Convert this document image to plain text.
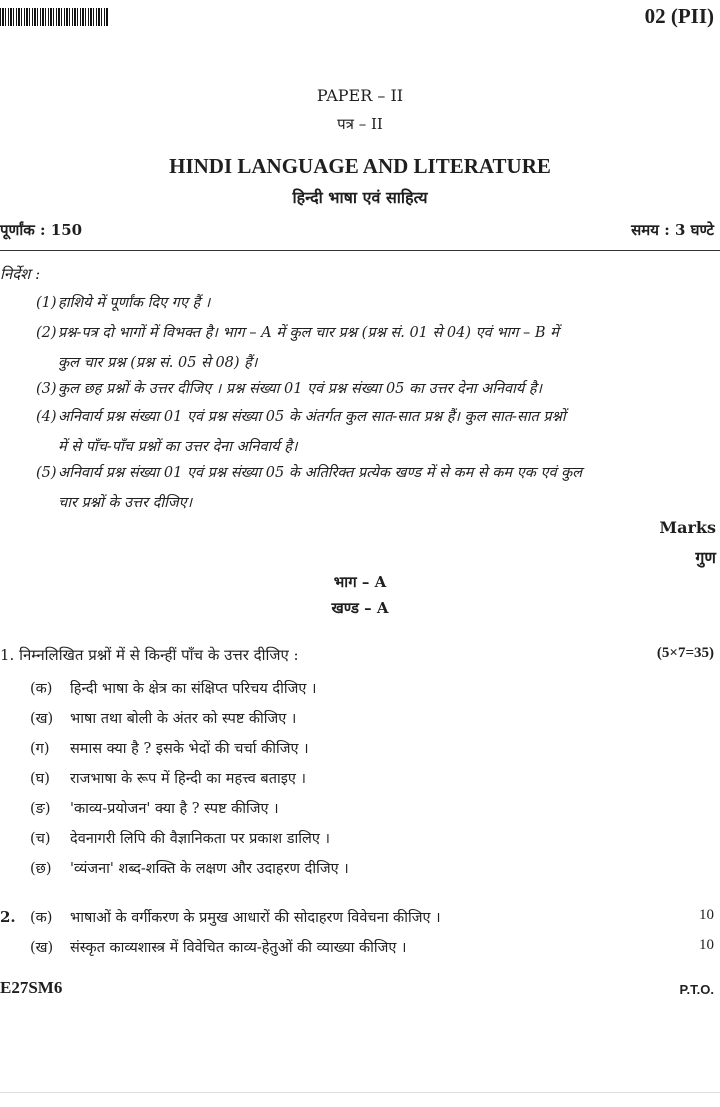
02 (PII)
PAPER – II
पत्र – II
HINDI LANGUAGE AND LITERATURE
हिन्दी भाषा एवं साहित्य
पूर्णांक : 150	समय : 3 घण्टे
निर्देश :
(1)हाशिये में पूर्णांक दिए गए हैं ।
(2)प्रश्न-पत्र दो भागों में विभक्त है। भाग – A में कुल चार प्रश्न (प्रश्न सं. 01 से 04) एवं भाग – B में
कुल चार प्रश्न (प्रश्न सं. 05 से 08) हैं।
(3)कुल छह प्रश्नों के उत्तर दीजिए । प्रश्न संख्या 01 एवं प्रश्न संख्या 05 का उत्तर देना अनिवार्य है।
(4)अनिवार्य प्रश्न संख्या 01 एवं प्रश्न संख्या 05 के अंतर्गत कुल सात-सात प्रश्न हैं। कुल सात-सात प्रश्नों
में से पाँच-पाँच प्रश्नों का उत्तर देना अनिवार्य है।
(5)अनिवार्य प्रश्न संख्या 01 एवं प्रश्न संख्या 05 के अतिरिक्त प्रत्येक खण्ड में से कम से कम एक एवं कुल
चार प्रश्नों के उत्तर दीजिए।
Marks
गुण
भाग – A
खण्ड – A
1. निम्नलिखित प्रश्नों में से किन्हीं पाँच के उत्तर दीजिए :	(5×7=35)
(क) हिन्दी भाषा के क्षेत्र का संक्षिप्त परिचय दीजिए ।
(ख) भाषा तथा बोली के अंतर को स्पष्ट कीजिए ।
(ग) समास क्या है ? इसके भेदों की चर्चा कीजिए ।
(घ) राजभाषा के रूप में हिन्दी का महत्त्व बताइए ।
(ङ) 'काव्य-प्रयोजन' क्या है ? स्पष्ट कीजिए ।
(च) देवनागरी लिपि की वैज्ञानिकता पर प्रकाश डालिए ।
(छ) 'व्यंजना' शब्द-शक्ति के लक्षण और उदाहरण दीजिए ।
2. (क) भाषाओं के वर्गीकरण के प्रमुख आधारों की सोदाहरण विवेचना कीजिए ।	10
(ख) संस्कृत काव्यशास्त्र में विवेचित काव्य-हेतुओं की व्याख्या कीजिए ।	10
E27SM6	P.T.O.
